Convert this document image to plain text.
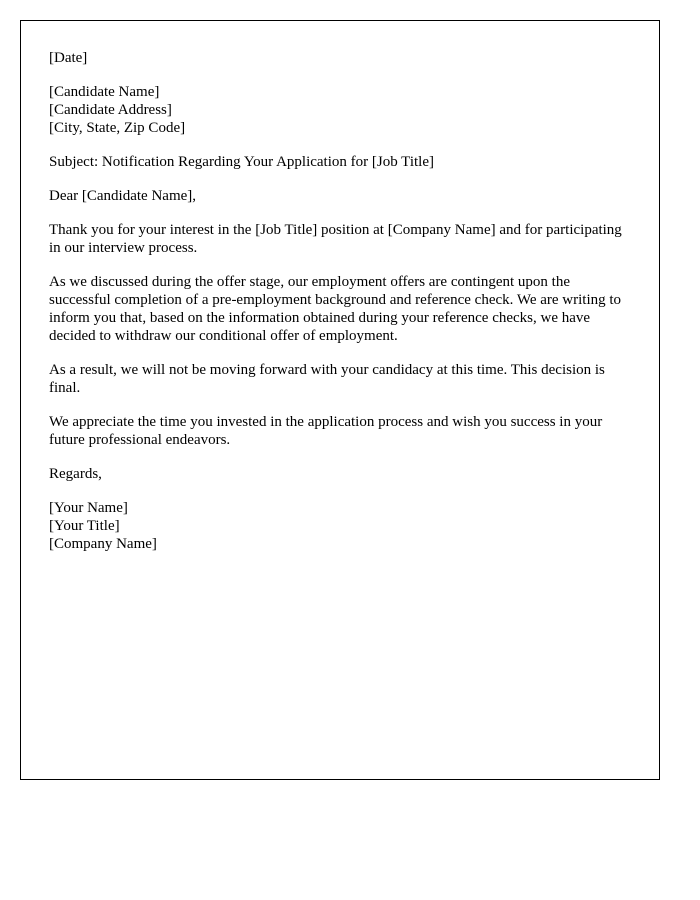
[Date]
[Candidate Name]
[Candidate Address]
[City, State, Zip Code]
Subject: Notification Regarding Your Application for [Job Title]
Dear [Candidate Name],

Thank you for your interest in the [Job Title] position at [Company Name] and for participating in our interview process.

As we discussed during the offer stage, our employment offers are contingent upon the successful completion of a pre-employment background and reference check. We are writing to inform you that, based on the information obtained during your reference checks, we have decided to withdraw our conditional offer of employment.

As a result, we will not be moving forward with your candidacy at this time. This decision is final.

We appreciate the time you invested in the application process and wish you success in your future professional endeavors.

Regards,
[Your Name]
[Your Title]
[Company Name]
